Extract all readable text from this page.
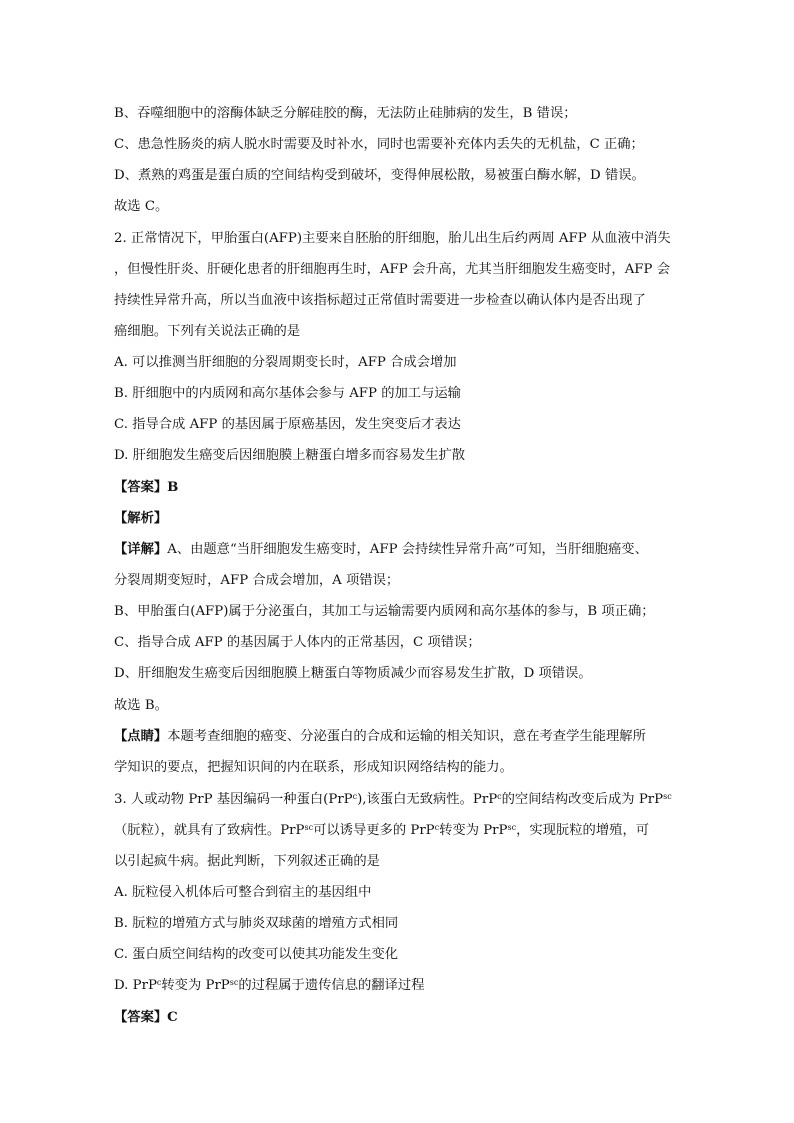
B、吞噬细胞中的溶酶体缺乏分解硅胶的酶，无法防止硅肺病的发生，B 错误；
C、患急性肠炎的病人脱水时需要及时补水，同时也需要补充体内丢失的无机盐，C 正确；
D、煮熟的鸡蛋是蛋白质的空间结构受到破坏，变得伸展松散，易被蛋白酶水解，D 错误。
故选 C。
2. 正常情况下，甲胎蛋白(AFP)主要来自胚胎的肝细胞，胎儿出生后约两周 AFP 从血液中消失
，但慢性肝炎、肝硬化患者的肝细胞再生时，AFP 会升高，尤其当肝细胞发生癌变时，AFP 会
持续性异常升高，所以当血液中该指标超过正常值时需要进一步检查以确认体内是否出现了
癌细胞。下列有关说法正确的是
A. 可以推测当肝细胞的分裂周期变长时，AFP 合成会增加
B. 肝细胞中的内质网和高尔基体会参与 AFP 的加工与运输
C. 指导合成 AFP 的基因属于原癌基因，发生突变后才表达
D. 肝细胞发生癌变后因细胞膜上糖蛋白增多而容易发生扩散
【答案】B
【解析】
【详解】A、由题意“当肝细胞发生癌变时，AFP 会持续性异常升高”可知，当肝细胞癌变、
分裂周期变短时，AFP 合成会增加，A 项错误；
B、甲胎蛋白(AFP)属于分泌蛋白，其加工与运输需要内质网和高尔基体的参与，B 项正确；
C、指导合成 AFP 的基因属于人体内的正常基因，C 项错误；
D、肝细胞发生癌变后因细胞膜上糖蛋白等物质减少而容易发生扩散，D 项错误。
故选 B。
【点睛】本题考查细胞的癌变、分泌蛋白的合成和运输的相关知识，意在考查学生能理解所
学知识的要点，把握知识间的内在联系，形成知识网络结构的能力。
3. 人或动物 PrP 基因编码一种蛋白(PrP$^c$),该蛋白无致病性。PrP$^c$的空间结构改变后成为 PrP$^{sc}$
（朊粒），就具有了致病性。PrP$^{sc}$可以诱导更多的 PrP$^c$转变为 PrP$^{sc}$，实现朊粒的增殖，可
以引起疯牛病。据此判断，下列叙述正确的是
A. 朊粒侵入机体后可整合到宿主的基因组中
B. 朊粒的增殖方式与肺炎双球菌的增殖方式相同
C. 蛋白质空间结构的改变可以使其功能发生变化
D. PrP$^c$转变为 PrP$^{sc}$的过程属于遗传信息的翻译过程
【答案】C
